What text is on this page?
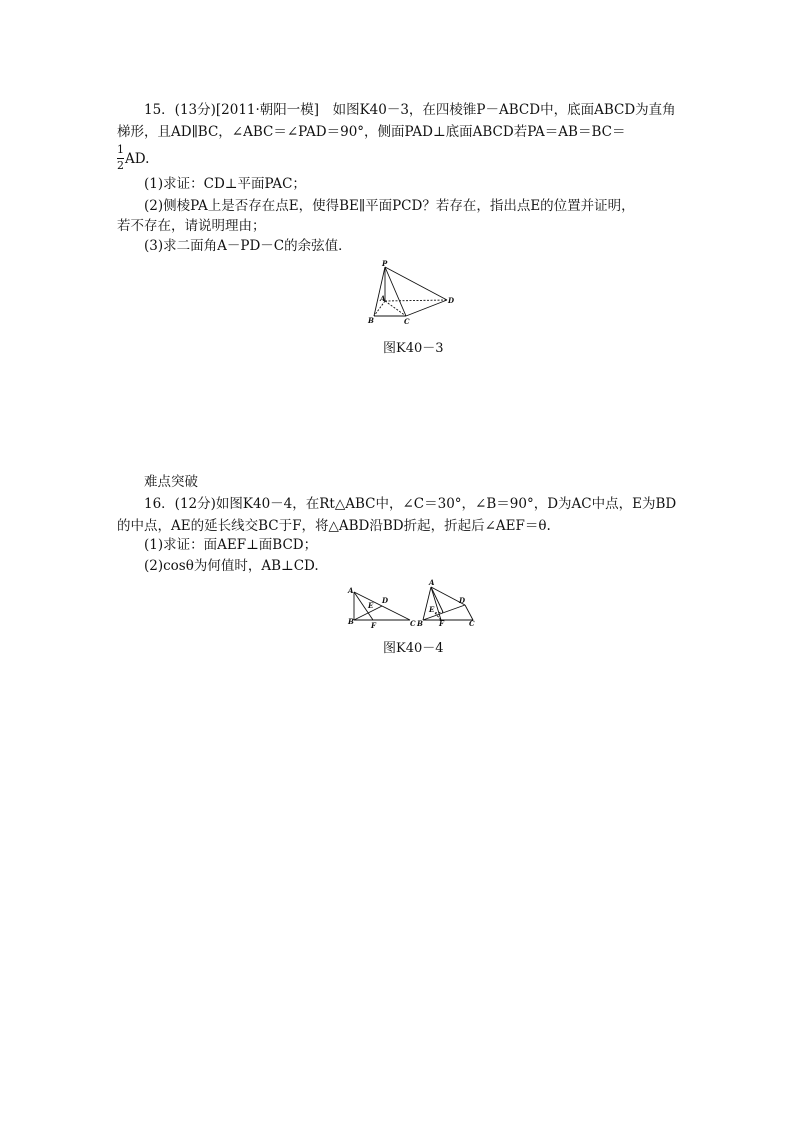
15．(13分)[2011·朝阳一模]　如图K40－3，在四棱锥P－ABCD中，底面ABCD为直角梯形，且AD∥BC，∠ABC＝∠PAD＝90°，侧面PAD⊥底面ABCD若PA＝AB＝BC＝
1
2 AD.
(1)求证：CD⊥平面PAC；
(2)侧棱PA上是否存在点E，使得BE∥平面PCD？若存在，指出点E的位置并证明，
若不存在，请说明理由；
(3)求二面角A－PD－C的余弦值．
P
A
B	C
D
图K40－3
难点突破
16．(12分)如图K40－4，在Rt△ABC中，∠C＝30°，∠B＝90°，D为AC中点，E为BD的中点，AE的延长线交BC于F，将△ABD沿BD折起，折起后∠AEF＝θ.
(1)求证：面AEF⊥面BCD；
(2)cosθ为何值时，AB⊥CD.
A
E
D
B F	C
A
D
E
B F	C
图K40－4
